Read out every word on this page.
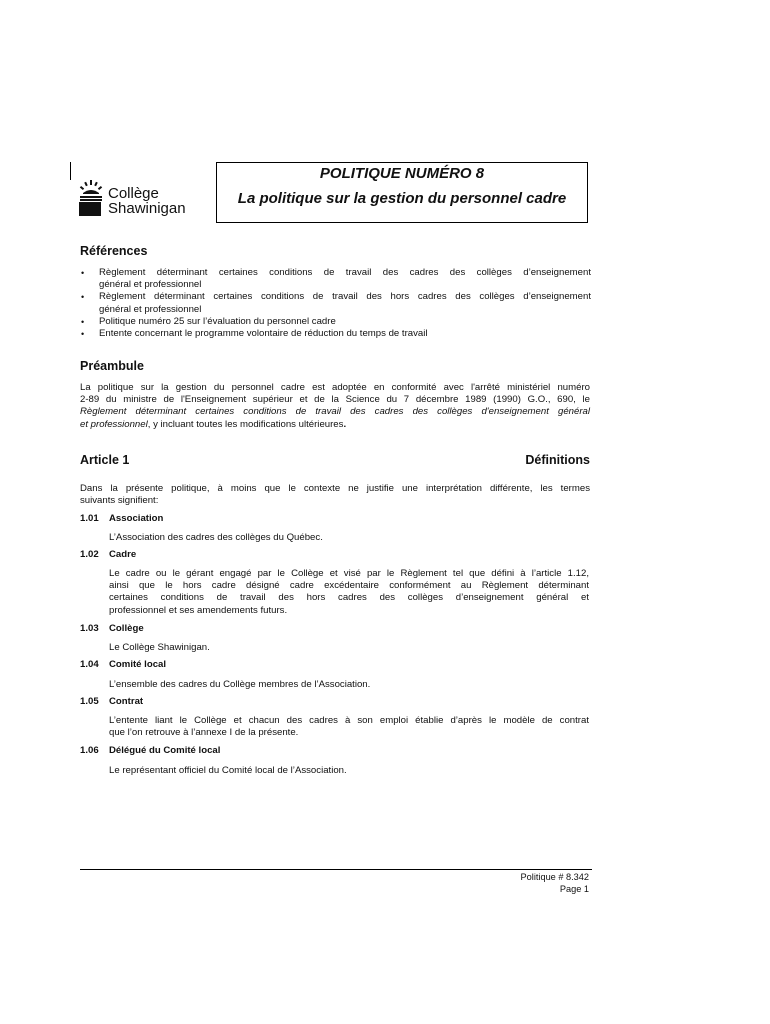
Collège
Shawinigan
POLITIQUE NUMÉRO 8
La politique sur la gestion du personnel cadre
Références
• Règlement déterminant certaines conditions de travail des cadres des collèges d’enseignement
général et professionnel
• Règlement déterminant certaines conditions de travail des hors cadres des collèges d’enseignement
général et professionnel
• Politique numéro 25 sur l’évaluation du personnel cadre
• Entente concernant le programme volontaire de réduction du temps de travail
Préambule
La politique sur la gestion du personnel cadre est adoptée en conformité avec l'arrêté ministériel numéro
2-89 du ministre de l'Enseignement supérieur et de la Science du 7 décembre 1989 (1990) G.O., 690, le
Règlement déterminant certaines conditions de travail des cadres des collèges d'enseignement général
et professionnel, y incluant toutes les modifications ultérieures.
Article 1	Définitions
Dans la présente politique, à moins que le contexte ne justifie une interprétation différente, les termes
suivants signifient:
1.01 Association
L’Association des cadres des collèges du Québec.
1.02 Cadre
Le cadre ou le gérant engagé par le Collège et visé par le Règlement tel que défini à l’article 1.12,
ainsi que le hors cadre désigné cadre excédentaire conformément au Règlement déterminant
certaines conditions de travail des hors cadres des collèges d’enseignement général et
professionnel et ses amendements futurs.
1.03 Collège
Le Collège Shawinigan.
1.04 Comité local
L’ensemble des cadres du Collège membres de l’Association.
1.05 Contrat
L’entente liant le Collège et chacun des cadres à son emploi établie d’après le modèle de contrat
que l’on retrouve à l’annexe I de la présente.
1.06 Délégué du Comité local
Le représentant officiel du Comité local de l’Association.
Politique # 8.342
Page 1
